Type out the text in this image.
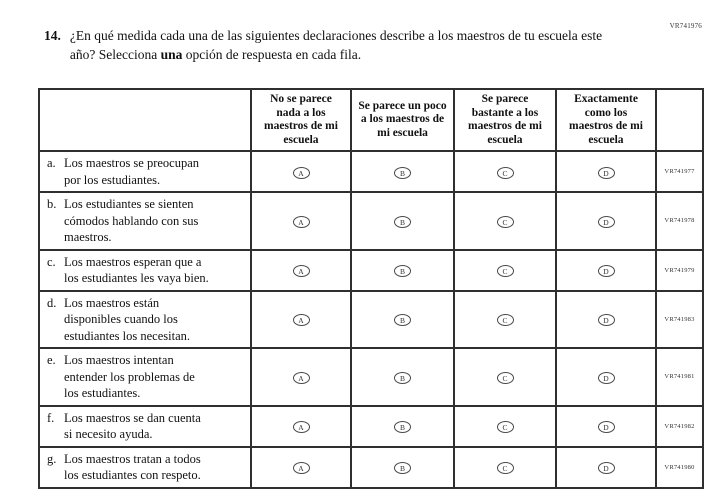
VR741976
14. ¿En qué medida cada una de las siguientes declaraciones describe a los maestros de tu escuela este año? Selecciona una opción de respuesta en cada fila.
	No se parece nada a los maestros de mi escuela	Se parece un poco a los maestros de mi escuela	Se parece bastante a los maestros de mi escuela	Exactamente como los maestros de mi escuela	
a. Los maestros se preocupan por los estudiantes.	A	B	C	D	VR741977
b. Los estudiantes se sienten cómodos hablando con sus maestros.	A	B	C	D	VR741978
c. Los maestros esperan que a los estudiantes les vaya bien.	A	B	C	D	VR741979
d. Los maestros están disponibles cuando los estudiantes los necesitan.	A	B	C	D	VR741983
e. Los maestros intentan entender los problemas de los estudiantes.	A	B	C	D	VR741981
f. Los maestros se dan cuenta si necesito ayuda.	A	B	C	D	VR741982
g. Los maestros tratan a todos los estudiantes con respeto.	A	B	C	D	VR741980
